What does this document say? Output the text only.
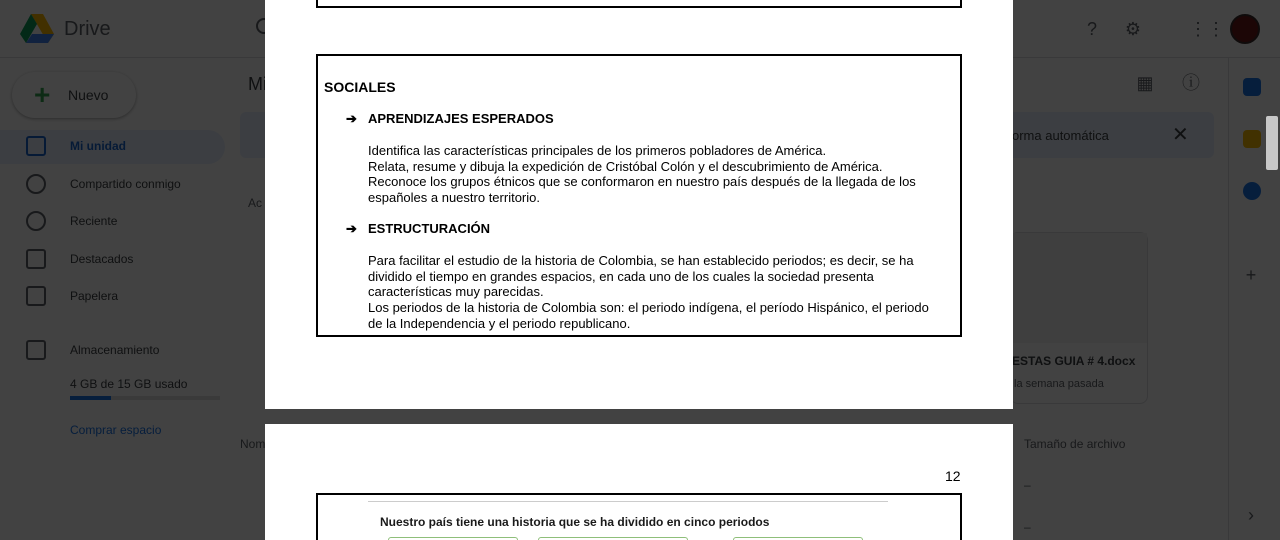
SOCIALES
➔ APRENDIZAJES ESPERADOS
Identifica las características principales de los primeros pobladores de América.
Relata, resume y dibuja la expedición de Cristóbal Colón y el descubrimiento de América.
Reconoce los grupos étnicos que se conformaron en nuestro país después de la llegada de los
españoles a nuestro territorio.
➔ ESTRUCTURACIÓN
Para facilitar el estudio de la historia de Colombia, se han establecido periodos; es decir, se ha
dividido el tiempo en grandes espacios, en cada uno de los cuales la sociedad presenta
características muy parecidas.
Los periodos de la historia de Colombia son: el periodo indígena, el período Hispánico, el periodo
de la Independencia y el periodo republicano.
12
Nuestro país tiene una historia que se ha dividido en cinco periodos
